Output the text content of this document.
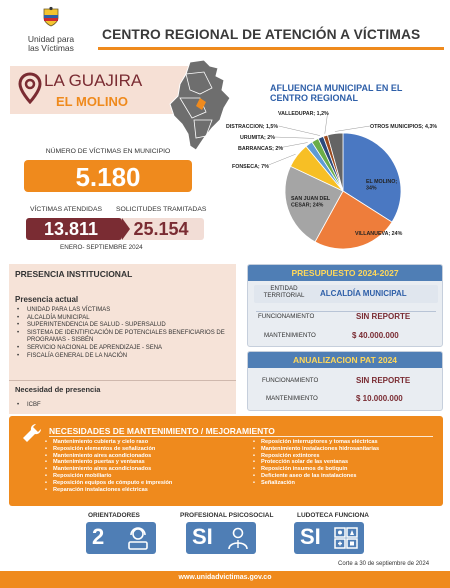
Unidad para
las Víctimas
CENTRO REGIONAL DE ATENCIÓN A VÍCTIMAS
LA GUAJIRA
EL MOLINO
AFLUENCIA MUNICIPAL EN EL CENTRO REGIONAL
NÚMERO DE VÍCTIMAS EN MUNICIPIO
5.180
VÍCTIMAS ATENDIDAS SOLICITUDES TRAMITADAS
25.154
13.811
ENERO- SEPTIEMBRE 2024
EL MOLINO; 34%
VILLANUEVA; 24%
SAN JUAN DEL CESAR; 24%
FONSECA; 7%
BARRANCAS; 2%
URUMITA; 2%
DISTRACCION; 1,5%
VALLEDUPAR; 1,2%
OTROS MUNICIPIOS; 4,3%
PRESENCIA INSTITUCIONAL
Presencia actual
• UNIDAD PARA LAS VÍCTIMAS
• ALCALDÍA MUNICIPAL
• SUPERINTENDENCIA DE SALUD - SUPERSALUD
• SISTEMA DE IDENTIFICACIÓN DE POTENCIALES BENEFICIARIOS DE PROGRAMAS - SISBÉN
• SERVICIO NACIONAL DE APRENDIZAJE - SENA
• FISCALÍA GENERAL DE LA NACIÓN
Necesidad de presencia
• ICBF
PRESUPUESTO 2024-2027
ENTIDAD TERRITORIAL	ALCALDÍA MUNICIPAL
FUNCIONAMIENTO	SIN REPORTE
MANTENIMIENTO	$ 40.000.000
ANUALIZACION PAT 2024
FUNCIONAMIENTO	SIN REPORTE
MANTENIMIENTO	$ 10.000.000
NECESIDADES DE MANTENIMIENTO / MEJORAMIENTO
• Mantenimiento cubierta y cielo raso
• Reposición elementos de señalización
• Mantenimiento aires acondicionados
• Mantenimiento puertas y ventanas
• Mantenimiento aires acondicionados
• Reposición mobiliario
• Reposición equipos de cómputo e impresión
• Reparación instalaciones eléctricas
• Reposición interruptores y tomas eléctricas
• Mantenimiento instalaciones hidrosanitarias
• Reposición extintores
• Protección solar de las ventanas
• Reposición insumos de botiquín
• Deficiente aseo de las instalaciones
• Señalización
ORIENTADORES
2
PROFESIONAL PSICOSOCIAL
SI
LUDOTECA FUNCIONA
SI
Corte a 30 de septiembre de 2024
www.unidadvictimas.gov.co
